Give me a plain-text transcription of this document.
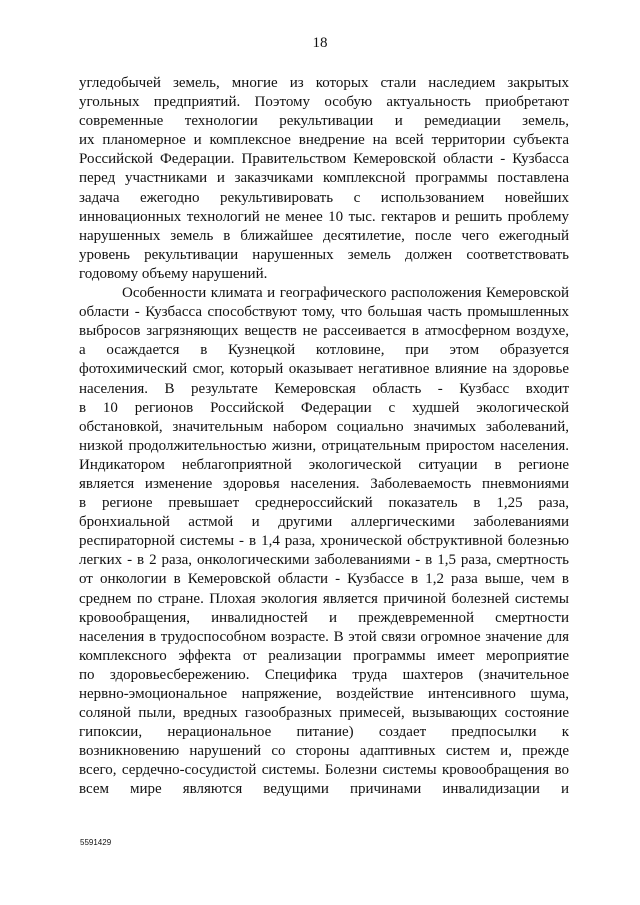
18
угледобычей земель, многие из которых стали наследием закрытых
угольных предприятий. Поэтому особую актуальность приобретают
современные технологии рекультивации и ремедиации земель,
их планомерное и комплексное внедрение на всей территории субъекта
Российской Федерации. Правительством Кемеровской области - Кузбасса
перед участниками и заказчиками комплексной программы поставлена
задача ежегодно рекультивировать с использованием новейших
инновационных технологий не менее 10 тыс. гектаров и решить проблему
нарушенных земель в ближайшее десятилетие, после чего ежегодный
уровень рекультивации нарушенных земель должен соответствовать
годовому объему нарушений.
Особенности климата и географического расположения Кемеровской
области - Кузбасса способствуют тому, что большая часть промышленных
выбросов загрязняющих веществ не рассеивается в атмосферном воздухе,
а осаждается в Кузнецкой котловине, при этом образуется
фотохимический смог, который оказывает негативное влияние на здоровье
населения. В результате Кемеровская область - Кузбасс входит
в 10 регионов Российской Федерации с худшей экологической
обстановкой, значительным набором социально значимых заболеваний,
низкой продолжительностью жизни, отрицательным приростом населения.
Индикатором неблагоприятной экологической ситуации в регионе
является изменение здоровья населения. Заболеваемость пневмониями
в регионе превышает среднероссийский показатель в 1,25 раза,
бронхиальной астмой и другими аллергическими заболеваниями
респираторной системы - в 1,4 раза, хронической обструктивной болезнью
легких - в 2 раза, онкологическими заболеваниями - в 1,5 раза, смертность
от онкологии в Кемеровской области - Кузбассе в 1,2 раза выше, чем в
среднем по стране. Плохая экология является причиной болезней системы
кровообращения, инвалидностей и преждевременной смертности
населения в трудоспособном возрасте. В этой связи огромное значение для
комплексного эффекта от реализации программы имеет мероприятие
по здоровьесбережению. Специфика труда шахтеров (значительное
нервно-эмоциональное напряжение, воздействие интенсивного шума,
соляной пыли, вредных газообразных примесей, вызывающих состояние
гипоксии, нерациональное питание) создает предпосылки к
возникновению нарушений со стороны адаптивных систем и, прежде
всего, сердечно-сосудистой системы. Болезни системы кровообращения во
всем мире являются ведущими причинами инвалидизации и
5591429
